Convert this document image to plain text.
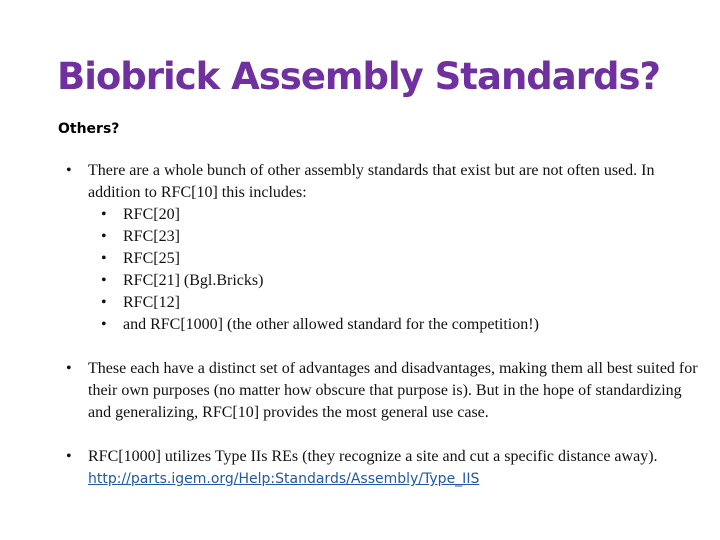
Biobrick Assembly Standards?
Others?

• There are a whole bunch of other assembly standards that exist but are not often used. In addition to RFC[10] this includes:

• RFC[20]

• RFC[23]

• RFC[25]

• RFC[21] (Bgl.Bricks)

• RFC[12]

• and RFC[1000] (the other allowed standard for the competition!)

• These each have a distinct set of advantages and disadvantages, making them all best suited for their own purposes (no matter how obscure that purpose is). But in the hope of standardizing and generalizing, RFC[10] provides the most general use case.

• RFC[1000] utilizes Type IIs REs (they recognize a site and cut a specific distance away). http://parts.igem.org/Help:Standards/Assembly/Type_IIS
